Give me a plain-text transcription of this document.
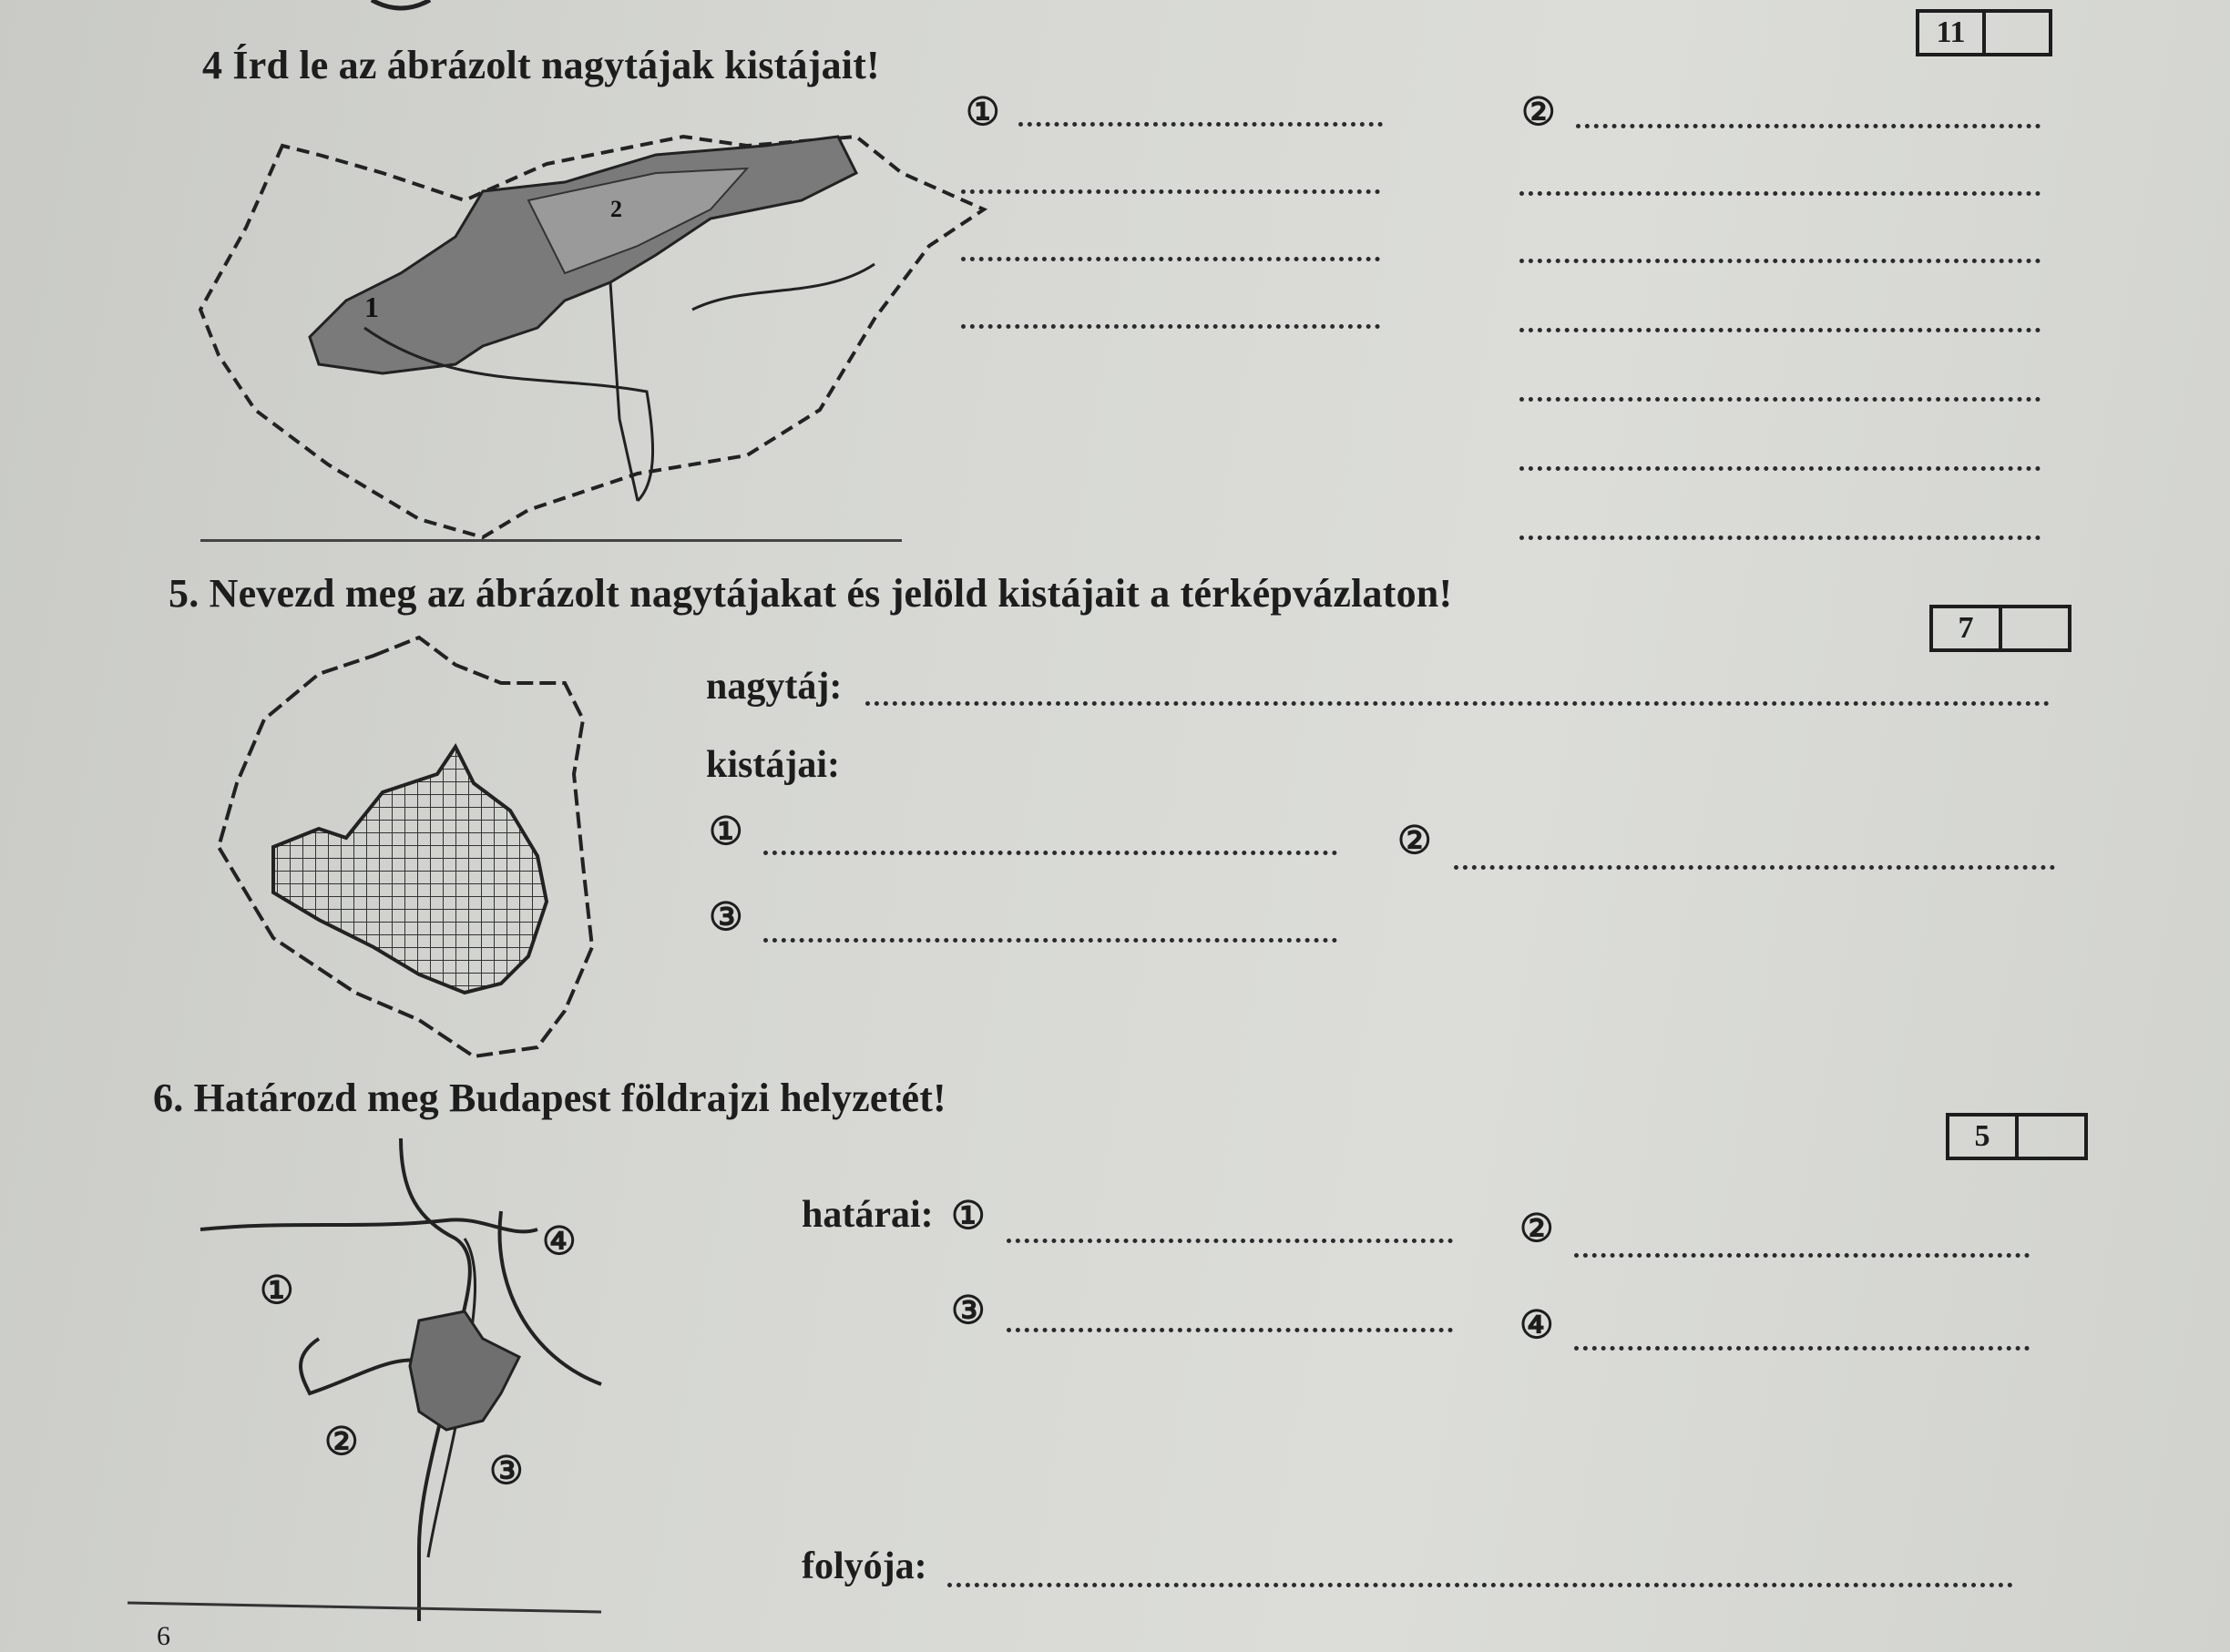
4 Írd le az ábrázolt nagytájak kistájait!
11
1
2
①	②
5. Nevezd meg az ábrázolt nagytájakat és jelöld kistájait a térképvázlaton!
7
nagytáj:
kistájai:
①	②
③
6. Határozd meg Budapest földrajzi helyzetét!
5
①
②
③
④
határai: ①	②
③	④
folyója:
6
